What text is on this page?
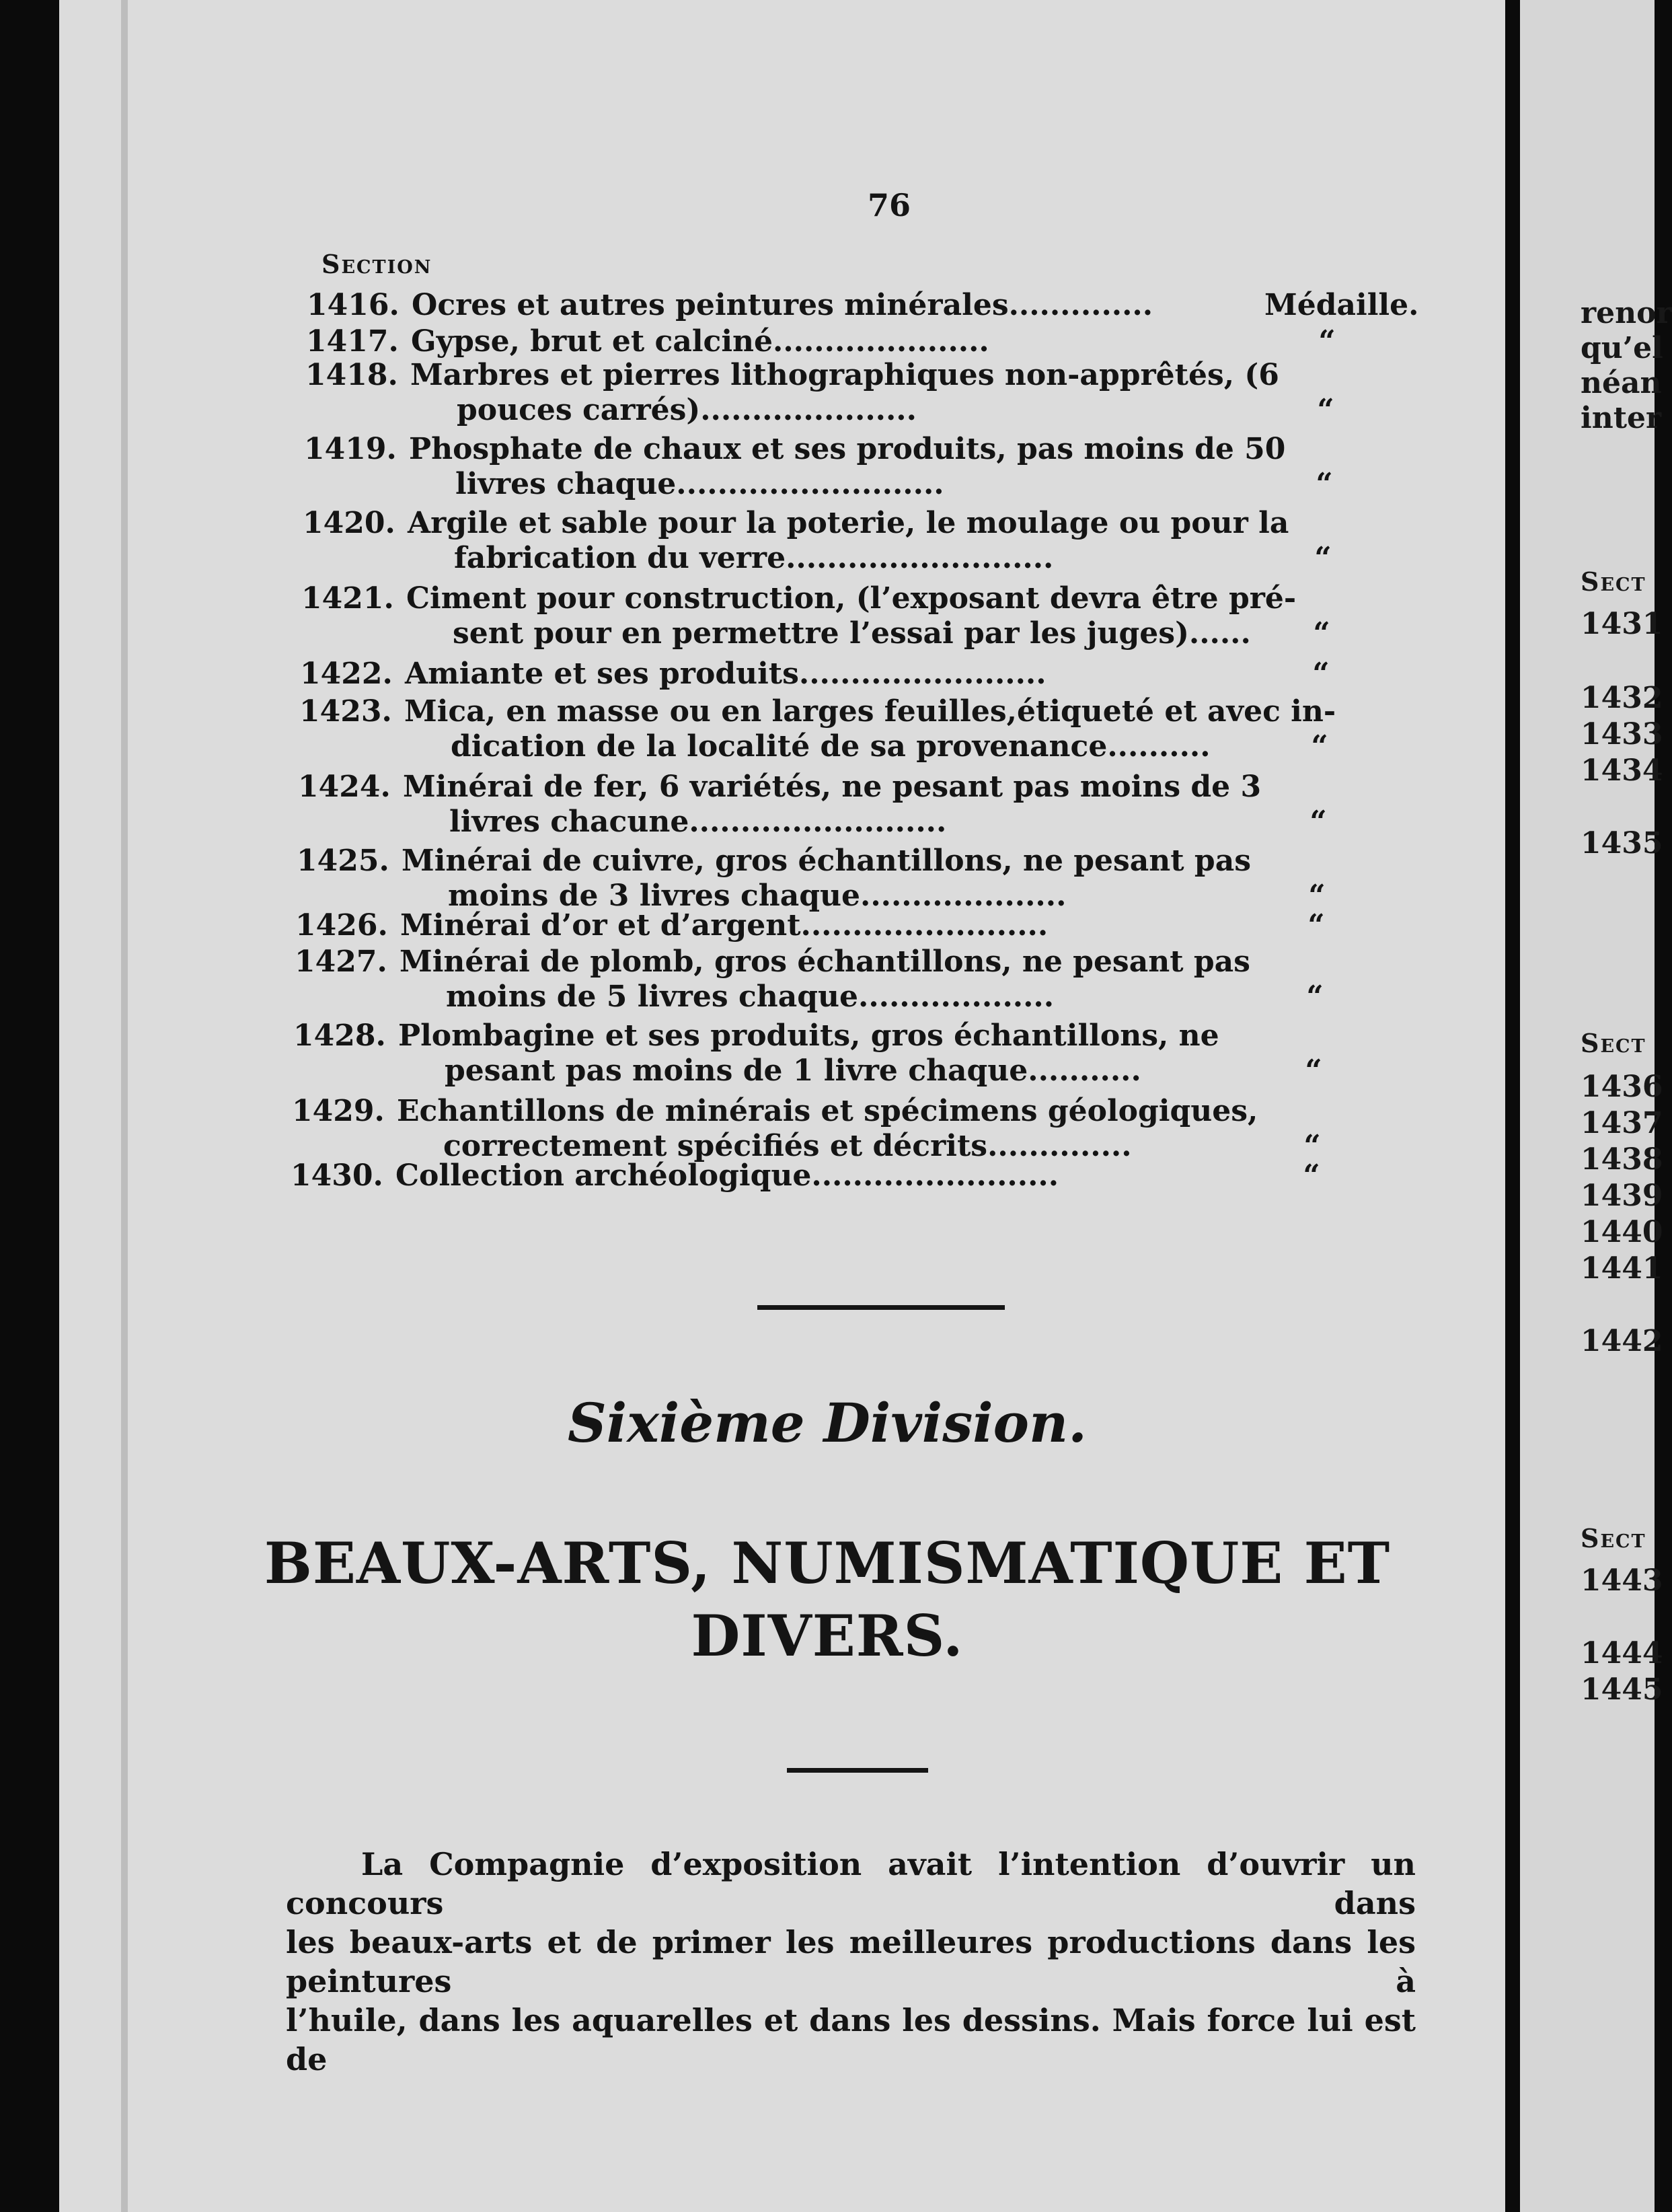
renor
qu’el
néan
inter
Sect
1431
1432
1433
1434
1435
Sect
1436
1437
1438
1439
1440
1441
1442
Sect
1443
1444
1445
76
Section
1416. Ocres et autres peintures minérales..............	Médaille.
1417. Gypse, brut et calciné.....................	“
1418. Marbres et pierres lithographiques non-apprêtés, (6
pouces carrés).....................	“
1419. Phosphate de chaux et ses produits, pas moins de 50
livres chaque..........................	“
1420. Argile et sable pour la poterie, le moulage ou pour la
fabrication du verre..........................	“
1421. Ciment pour construction, (l’exposant devra être pré-
sent pour en permettre l’essai par les juges)......	“
1422. Amiante et ses produits........................	“
1423. Mica, en masse ou en larges feuilles,étiqueté et avec in-
dication de la localité de sa provenance..........	“
1424. Minérai de fer, 6 variétés, ne pesant pas moins de 3
livres chacune.........................	“
1425. Minérai de cuivre, gros échantillons, ne pesant pas
moins de 3 livres chaque....................	“
1426. Minérai d’or et d’argent........................	“
1427. Minérai de plomb, gros échantillons, ne pesant pas
moins de 5 livres chaque...................	“
1428. Plombagine et ses produits, gros échantillons, ne
pesant pas moins de 1 livre chaque...........	“
1429. Echantillons de minérais et spécimens géologiques,
correctement spécifiés et décrits..............	“
1430. Collection archéologique........................	“
Sixième Division.
BEAUX-ARTS, NUMISMATIQUE ET
DIVERS.
La Compagnie d’exposition avait l’intention d’ouvrir un concours dans
les beaux-arts et de primer les meilleures productions dans les peintures à
l’huile, dans les aquarelles et dans les dessins. Mais force lui est de
